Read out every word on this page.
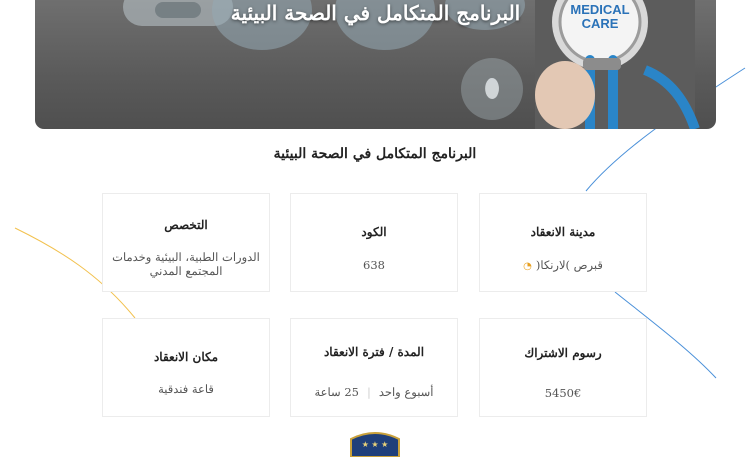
⬮
MEDICAL
CARE
البرنامج المتكامل في الصحة البيئية
البرنامج المتكامل في الصحة البيئية
مدينة الانعقاد
قبرص )لارنكا(◔
الكود
638
التخصص
الدورات الطبية، البيئية وخدمات المجتمع المدني
رسوم الاشتراك
5450€
المدة / فترة الانعقاد
أسبوع واحد|25 ساعة
مكان الانعقاد
قاعة فندقية
★ ★ ★
